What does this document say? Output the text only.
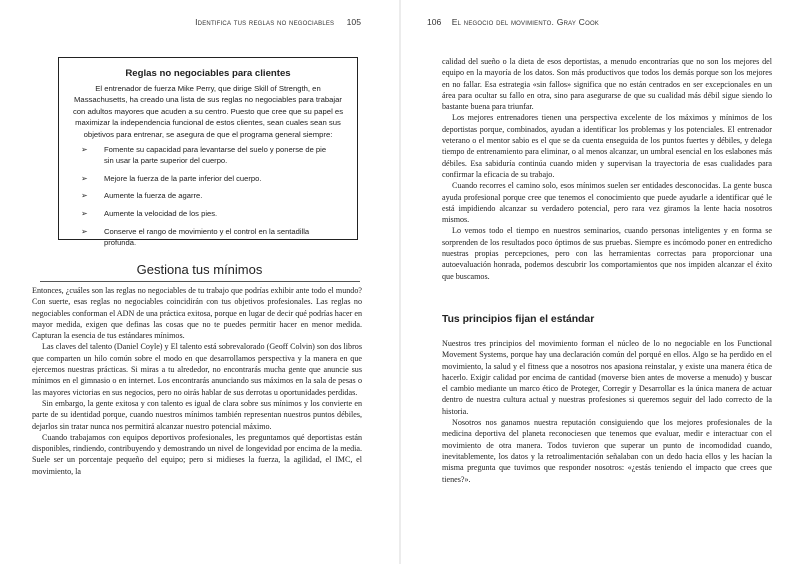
Identifica tus reglas no negociables 105
Reglas no negociables para clientes
El entrenador de fuerza Mike Perry, que dirige Skill of Strength, en Massachusetts, ha creado una lista de sus reglas no negociables para trabajar con adultos mayores que acuden a su centro. Puesto que cree que su papel es maximizar la independencia funcional de estos clientes, sean cuales sean sus objetivos para entrenar, se asegura de que el programa general siempre:
➢ Fomente su capacidad para levantarse del suelo y ponerse de pie sin usar la parte superior del cuerpo.
➢ Mejore la fuerza de la parte inferior del cuerpo.
➢ Aumente la fuerza de agarre.
➢ Aumente la velocidad de los pies.
➢ Conserve el rango de movimiento y el control en la sentadilla profunda.
Gestiona tus mínimos

Entonces, ¿cuáles son las reglas no negociables de tu trabajo que podrías exhibir ante todo el mundo? Con suerte, esas reglas no negociables coincidirán con tus objetivos profesionales. Las reglas no negociables conforman el ADN de una práctica exitosa, porque en lugar de decir qué podrías hacer en mayor medida, exigen que definas las cosas que no te puedes permitir hacer en menor medida. Capturan la esencia de tus estándares mínimos.

Las claves del talento (Daniel Coyle) y El talento está sobrevalorado (Geoff Colvin) son dos libros que comparten un hilo común sobre el modo en que desarrollamos perspectiva y la manera en que ejercemos nuestras prácticas. Si miras a tu alrededor, no encontrarás mucha gente que anuncie sus mínimos en el gimnasio o en internet. Los encontrarás anunciando sus máximos en la sala de pesas o las mayores victorias en sus negocios, pero no oirás hablar de sus derrotas u oportunidades perdidas.

Sin embargo, la gente exitosa y con talento es igual de clara sobre sus mínimos y los convierte en parte de su identidad porque, cuando nuestros mínimos también representan nuestros puntos débiles, dejarlos sin tratar nunca nos permitirá alcanzar nuestro potencial máximo.

Cuando trabajamos con equipos deportivos profesionales, les preguntamos qué deportistas están disponibles, rindiendo, contribuyendo y demostrando un nivel de longevidad por encima de la media. Suele ser un porcentaje pequeño del equipo; pero si midieses la fuerza, la agilidad, el IMC, el movimiento, la

106 El negocio del movimiento. Gray Cook

calidad del sueño o la dieta de esos deportistas, a menudo encontrarías que no son los mejores del equipo en la mayoría de los datos. Son más productivos que todos los demás porque son los mejores en no fallar. Esa estrategia «sin fallos» significa que no están centrados en ser excepcionales en un área para ocultar su fallo en otra, sino para asegurarse de que su cualidad más débil sigue siendo lo bastante buena para triunfar.

Los mejores entrenadores tienen una perspectiva excelente de los máximos y mínimos de los deportistas porque, combinados, ayudan a identificar los problemas y los potenciales. El entrenador veterano o el mentor sabio es el que se da cuenta enseguida de los puntos fuertes y débiles, y delega tiempo de entrenamiento para eliminar, o al menos alcanzar, un umbral esencial en los eslabones más débiles. Esa sabiduría continúa cuando miden y supervisan la trayectoria de esas cualidades para confirmar la eficacia de su trabajo.

Cuando recorres el camino solo, esos mínimos suelen ser entidades desconocidas. La gente busca ayuda profesional porque cree que tenemos el conocimiento que puede ayudarle a identificar qué le está impidiendo alcanzar su verdadero potencial, pero rara vez giramos la lente hacia nosotros mismos.

Lo vemos todo el tiempo en nuestros seminarios, cuando personas inteligentes y en forma se sorprenden de los resultados poco óptimos de sus pruebas. Siempre es incómodo poner en entredicho nuestras propias percepciones, pero con las herramientas correctas para proporcionar una autoevaluación honrada, podemos descubrir los comportamientos que nos impiden alcanzar el éxito que buscamos.

Tus principios fijan el estándar

Nuestros tres principios del movimiento forman el núcleo de lo no negociable en los Functional Movement Systems, porque hay una declaración común del porqué en ellos. Algo se ha perdido en el movimiento, la salud y el fitness que a nosotros nos apasiona reinstalar, y existe una manera ética de hacerlo. Exigir calidad por encima de cantidad (moverse bien antes de moverse a menudo) y buscar el cambio mediante un marco ético de Proteger, Corregir y Desarrollar es la única manera de actuar dentro de nuestra cultura actual y nuestras profesiones si queremos seguir del lado correcto de la historia.

Nosotros nos ganamos nuestra reputación consiguiendo que los mejores profesionales de la medicina deportiva del planeta reconociesen que tenemos que evaluar, medir e interactuar con el movimiento de otra manera. Todos tuvieron que superar un punto de incomodidad cuando, inevitablemente, los datos y la retroalimentación señalaban con un dedo hacia ellos y les hacían la misma pregunta que tuvimos que responder nosotros: «¿estás teniendo el impacto que crees que tienes?».
